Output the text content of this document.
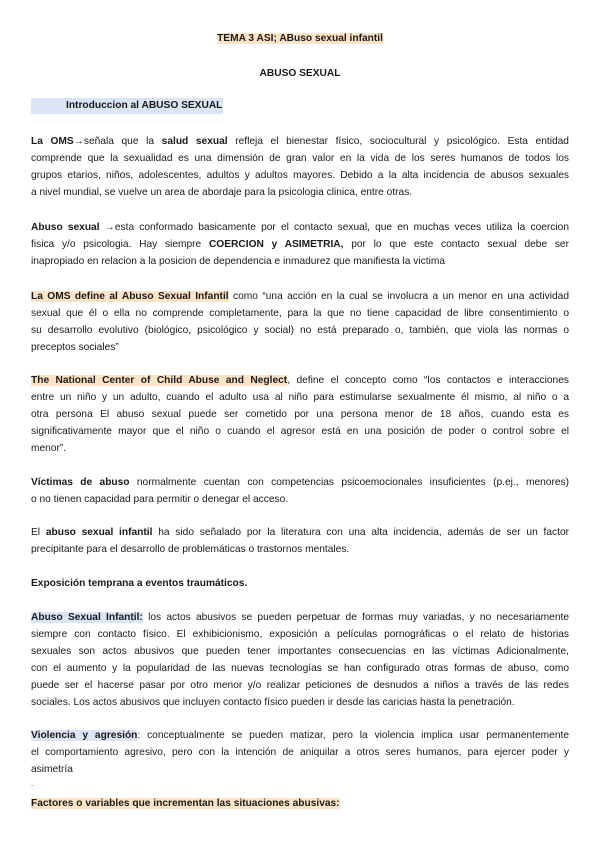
TEMA 3 ASI; ABuso sexual infantil
ABUSO SEXUAL
Introduccion al ABUSO SEXUAL
La OMS→señala que la salud sexual refleja el bienestar físico, sociocultural y psicológico. Esta entidad
comprende que la sexualidad es una dimensión de gran valor en la vida de los seres humanos de todos los
grupos etarios, niños, adolescentes, adultos y adultos mayores. Debido a la alta incidencia de abusos sexuales
a nivel mundial, se vuelve un area de abordaje para la psicologia clinica, entre otras.
Abuso sexual →esta conformado basicamente por el contacto sexual, que en muchas veces utiliza la coercion
fisica y/o psicologia. Hay siempre COERCION y ASIMETRIA, por lo que este contacto sexual debe ser
inapropiado en relacion a la posicion de dependencia e inmadurez que manifiesta la victima
La OMS define al Abuso Sexual Infantil como “una acción en la cual se involucra a un menor en una actividad
sexual que él o ella no comprende completamente, para la que no tiene capacidad de libre consentimiento o
su desarrollo evolutivo (biológico, psicológico y social) no está preparado o, también, que viola las normas o
preceptos sociales”
The National Center of Child Abuse and Neglect, define el concepto como “los contactos e interacciones
entre un niño y un adulto, cuando el adulto usa al niño para estimularse sexualmente él mismo, al niño o a
otra persona El abuso sexual puede ser cometido por una persona menor de 18 años, cuando esta es
significativamente mayor que el niño o cuando el agresor está en una posición de poder o control sobre el
menor”.
Víctimas de abuso normalmente cuentan con competencias psicoemocionales insuficientes (p.ej., menores)
o no tienen capacidad para permitir o denegar el acceso.
El abuso sexual infantil ha sido señalado por la literatura con una alta incidencia, además de ser un factor
precipitante para el desarrollo de problemáticas o trastornos mentales.
Exposición temprana a eventos traumáticos.
Abuso Sexual Infantil: los actos abusivos se pueden perpetuar de formas muy variadas, y no necesariamente
siempre con contacto físico. El exhibicionismo, exposición a películas pornográficas o el relato de historias
sexuales son actos abusivos que pueden tener importantes consecuencias en las víctimas Adicionalmente,
con el aumento y la popularidad de las nuevas tecnologías se han configurado otras formas de abuso, como
puede ser el hacerse pasar por otro menor y/o realizar peticiones de desnudos a niños a través de las redes
sociales. Los actos abusivos que incluyen contacto físico pueden ir desde las caricias hasta la penetración.
Violencia y agresión: conceptualmente se pueden matizar, pero la violencia implica usar permanentemente
el comportamiento agresivo, pero con la intención de aniquilar a otros seres humanos, para ejercer poder y
asimetría
.
Factores o variables que incrementan las situaciones abusivas:
